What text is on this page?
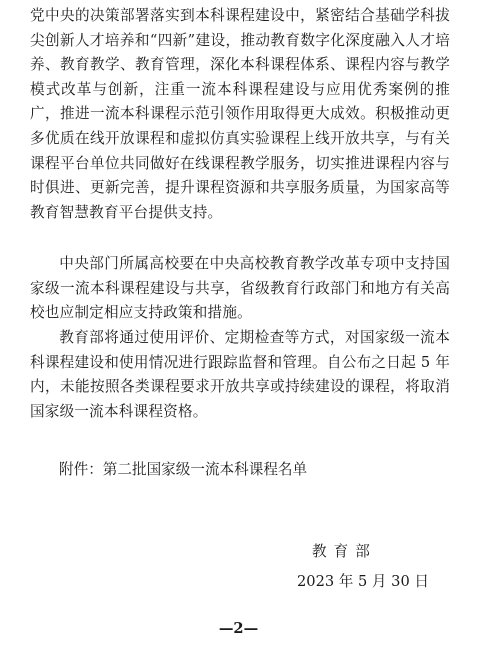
党中央的决策部署落实到本科课程建设中，紧密结合基础学科拔尖创新人才培养和“四新”建设，推动教育数字化深度融入人才培养、教育教学、教育管理，深化本科课程体系、课程内容与教学模式改革与创新，注重一流本科课程建设与应用优秀案例的推广，推进一流本科课程示范引领作用取得更大成效。积极推动更多优质在线开放课程和虚拟仿真实验课程上线开放共享，与有关课程平台单位共同做好在线课程教学服务，切实推进课程内容与时俱进、更新完善，提升课程资源和共享服务质量，为国家高等教育智慧教育平台提供支持。

中央部门所属高校要在中央高校教育教学改革专项中支持国家级一流本科课程建设与共享，省级教育行政部门和地方有关高校也应制定相应支持政策和措施。

教育部将通过使用评价、定期检查等方式，对国家级一流本科课程建设和使用情况进行跟踪监督和管理。自公布之日起 5 年内，未能按照各类课程要求开放共享或持续建设的课程，将取消国家级一流本科课程资格。

附件：第二批国家级一流本科课程名单

教育部

2023 年 5 月 30 日

—2—
